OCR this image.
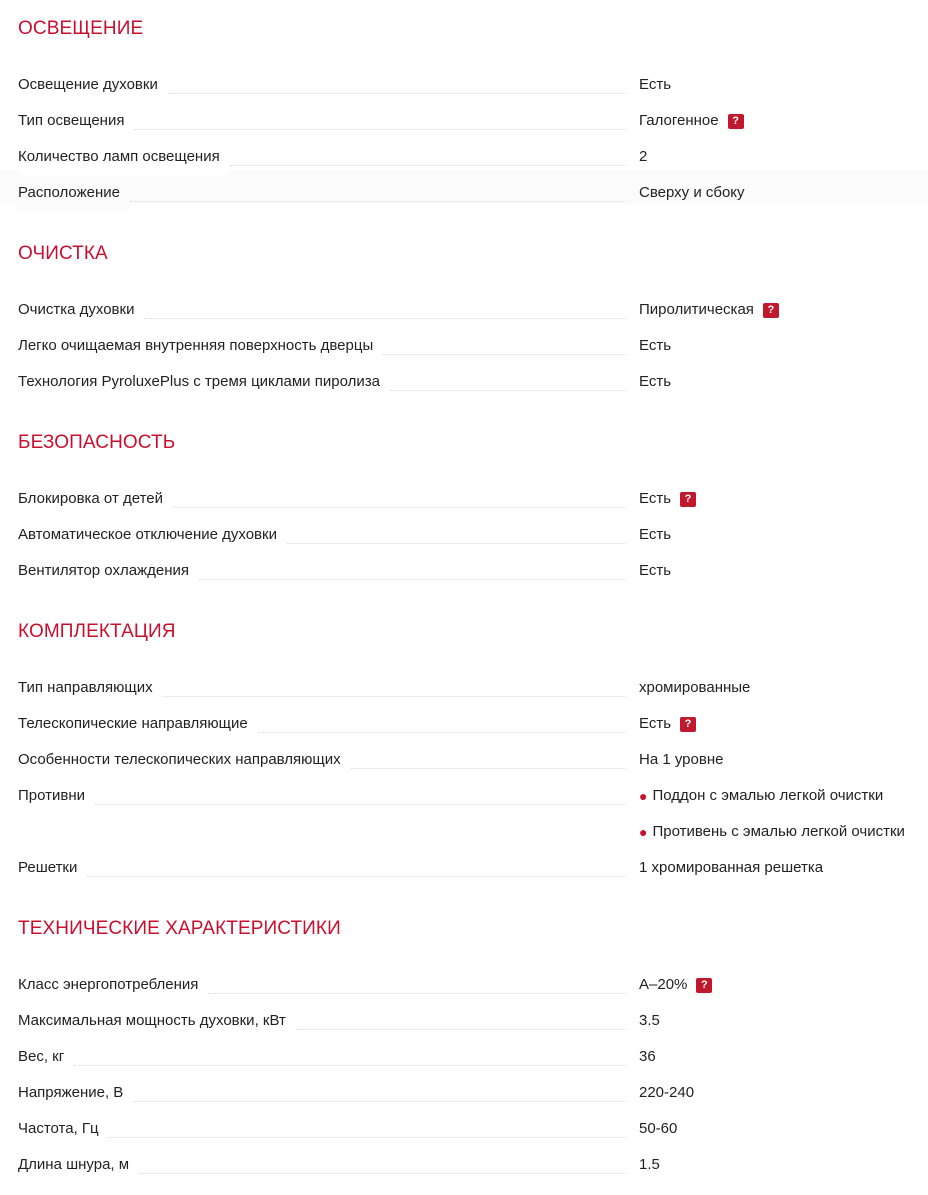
ОСВЕЩЕНИЕ
Освещение духовки	Есть
Тип освещения	Галогенное	?
Количество ламп освещения	2
Расположение	Сверху и сбоку
ОЧИСТКА
Очистка духовки	Пиролитическая	?
Легко очищаемая внутренняя поверхность дверцы	Есть
Технология PyroluxePlus с тремя циклами пиролиза	Есть
БЕЗОПАСНОСТЬ
Блокировка от детей	Есть	?
Автоматическое отключение духовки	Есть
Вентилятор охлаждения	Есть
КОМПЛЕКТАЦИЯ
Тип направляющих	хромированные
Телескопические направляющие	Есть	?
Особенности телескопических направляющих	На 1 уровне
Противни	● Поддон с эмалью легкой очистки
● Противень с эмалью легкой очистки
Решетки	1 хромированная решетка
ТЕХНИЧЕСКИЕ ХАРАКТЕРИСТИКИ
Класс энергопотребления	A–20%	?
Максимальная мощность духовки, кВт	3.5
Вес, кг	36
Напряжение, В	220-240
Частота, Гц	50-60
Длина шнура, м	1.5
